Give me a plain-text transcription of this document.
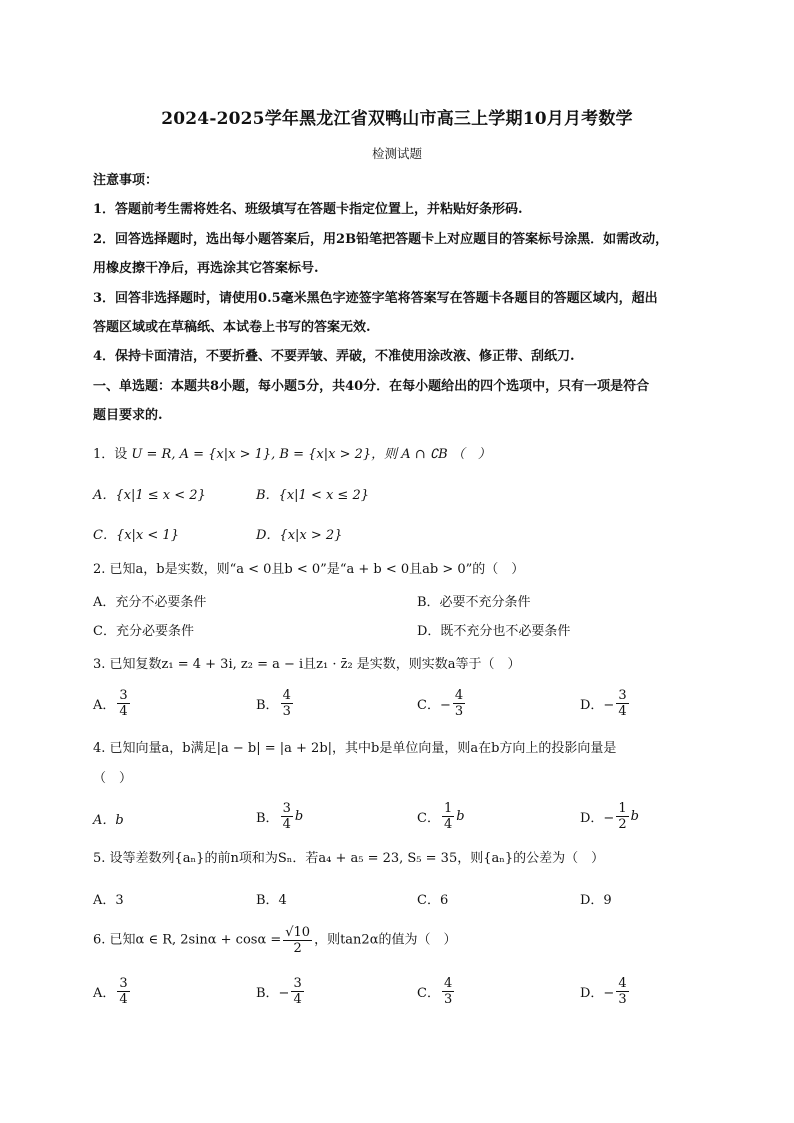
2024-2025学年黑龙江省双鸭山市高三上学期10月月考数学
检测试题
注意事项：
1．答题前考生需将姓名、班级填写在答题卡指定位置上，并粘贴好条形码.
2．回答选择题时，选出每小题答案后，用2B铅笔把答题卡上对应题目的答案标号涂黑．如需改动，
用橡皮擦干净后，再选涂其它答案标号.
3．回答非选择题时，请使用0.5毫米黑色字迹签字笔将答案写在答题卡各题目的答题区域内，超出
答题区域或在草稿纸、本试卷上书写的答案无效.
4．保持卡面清洁，不要折叠、不要弄皱、弄破，不准使用涂改液、修正带、刮纸刀.
一、单选题：本题共8小题，每小题5分，共40分．在每小题给出的四个选项中，只有一项是符合
题目要求的.
1．设 U = R, A = {x|x > 1}, B = {x|x > 2}，则 A ∩ ∁B （　）
A．{x|1 ≤ x < 2}	B．{x|1 < x ≤ 2}
C．{x|x < 1}	D．{x|x > 2}
2. 已知a，b是实数，则“a < 0且b < 0”是“a + b < 0且ab > 0”的（　）
A．充分不必要条件	B．必要不充分条件
C．充分必要条件	D．既不充分也不必要条件
3. 已知复数z₁ = 4 + 3i, z₂ = a − i且z₁ · z̄₂ 是实数，则实数a等于（　）
A． $\frac{3}{4}$	B． $\frac{4}{3}$	C．− $\frac{4}{3}$	D．− $\frac{3}{4}$
4. 已知向量a，b满足|a − b| = |a + 2b|，其中b是单位向量，则a在b方向上的投影向量是
（　）
A．b	B． $\frac{3}{4}$ b	C． $\frac{1}{4}$ b	D．− $\frac{1}{2}$ b
5. 设等差数列{aₙ}的前n项和为Sₙ．若a₄ + a₅ = 23, S₅ = 35，则{aₙ}的公差为（　）
A．3	B．4	C．6	D．9
6. 已知α ∈ R, $2\sin\alpha + \cos\alpha = \frac{√10}{2}$ ，则tan2α的值为（　）
A． $\frac{3}{4}$	B．− $\frac{3}{4}$	C． $\frac{4}{3}$	D．− $\frac{4}{3}$
